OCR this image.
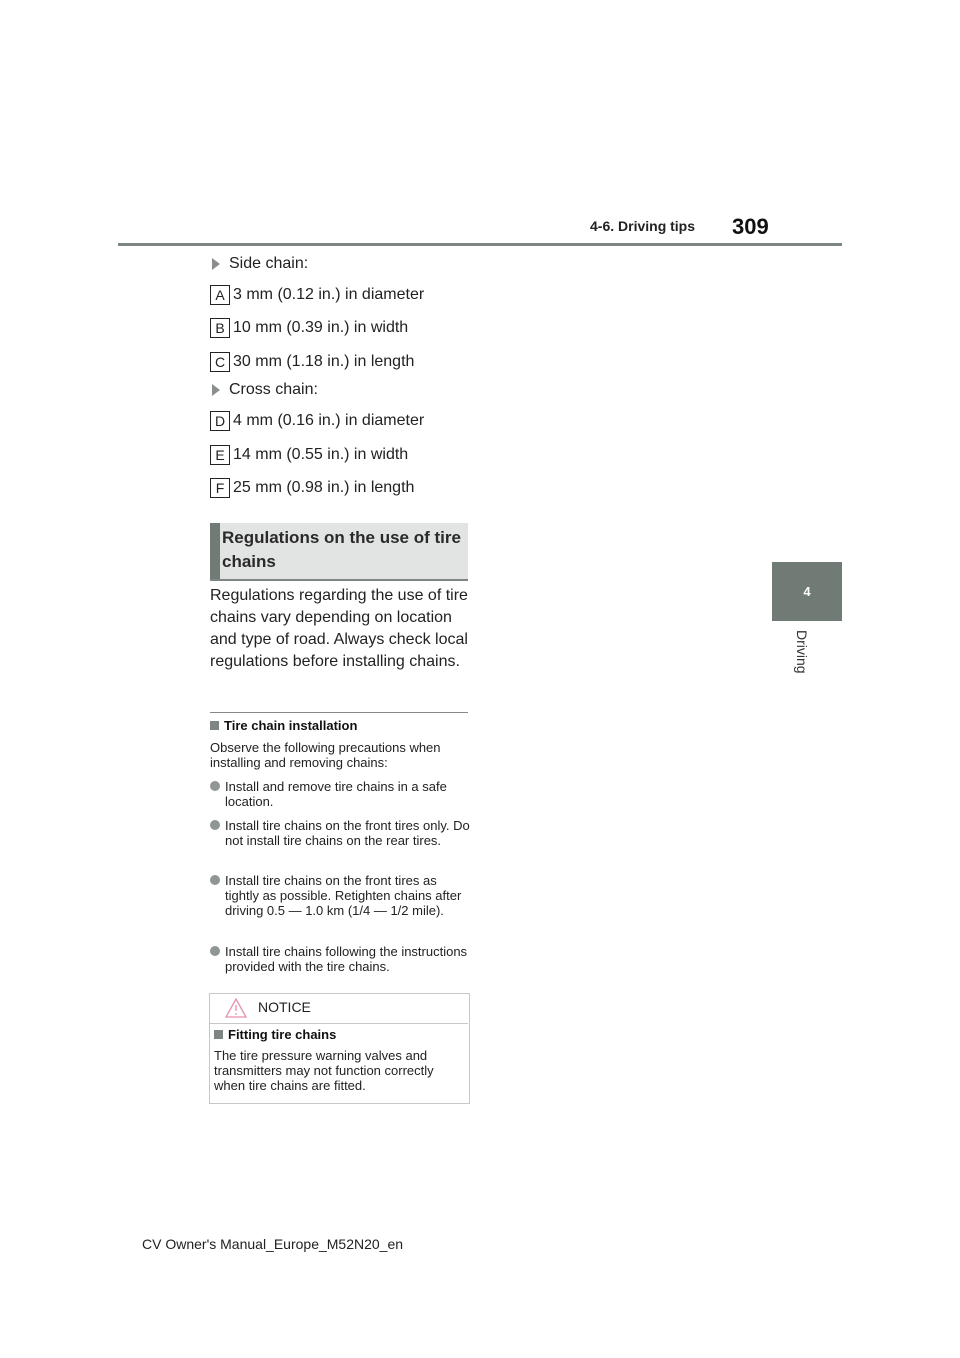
4-6. Driving tips 309
4
Driving
Side chain:
A 3 mm (0.12 in.) in diameter
B 10 mm (0.39 in.) in width
C 30 mm (1.18 in.) in length
Cross chain:
D 4 mm (0.16 in.) in diameter
E 14 mm (0.55 in.) in width
F 25 mm (0.98 in.) in length
Regulations on the use of tire chains
Regulations regarding the use of tire chains vary depending on location and type of road. Always check local regulations before installing chains.
Tire chain installation
Observe the following precautions when installing and removing chains:
Install and remove tire chains in a safe location.
Install tire chains on the front tires only. Do not install tire chains on the rear tires.
Install tire chains on the front tires as tightly as possible. Retighten chains after driving 0.5 — 1.0 km (1/4 — 1/2 mile).
Install tire chains following the instructions provided with the tire chains.
NOTICE
Fitting tire chains
The tire pressure warning valves and transmitters may not function correctly when tire chains are fitted.
CV Owner's Manual_Europe_M52N20_en
